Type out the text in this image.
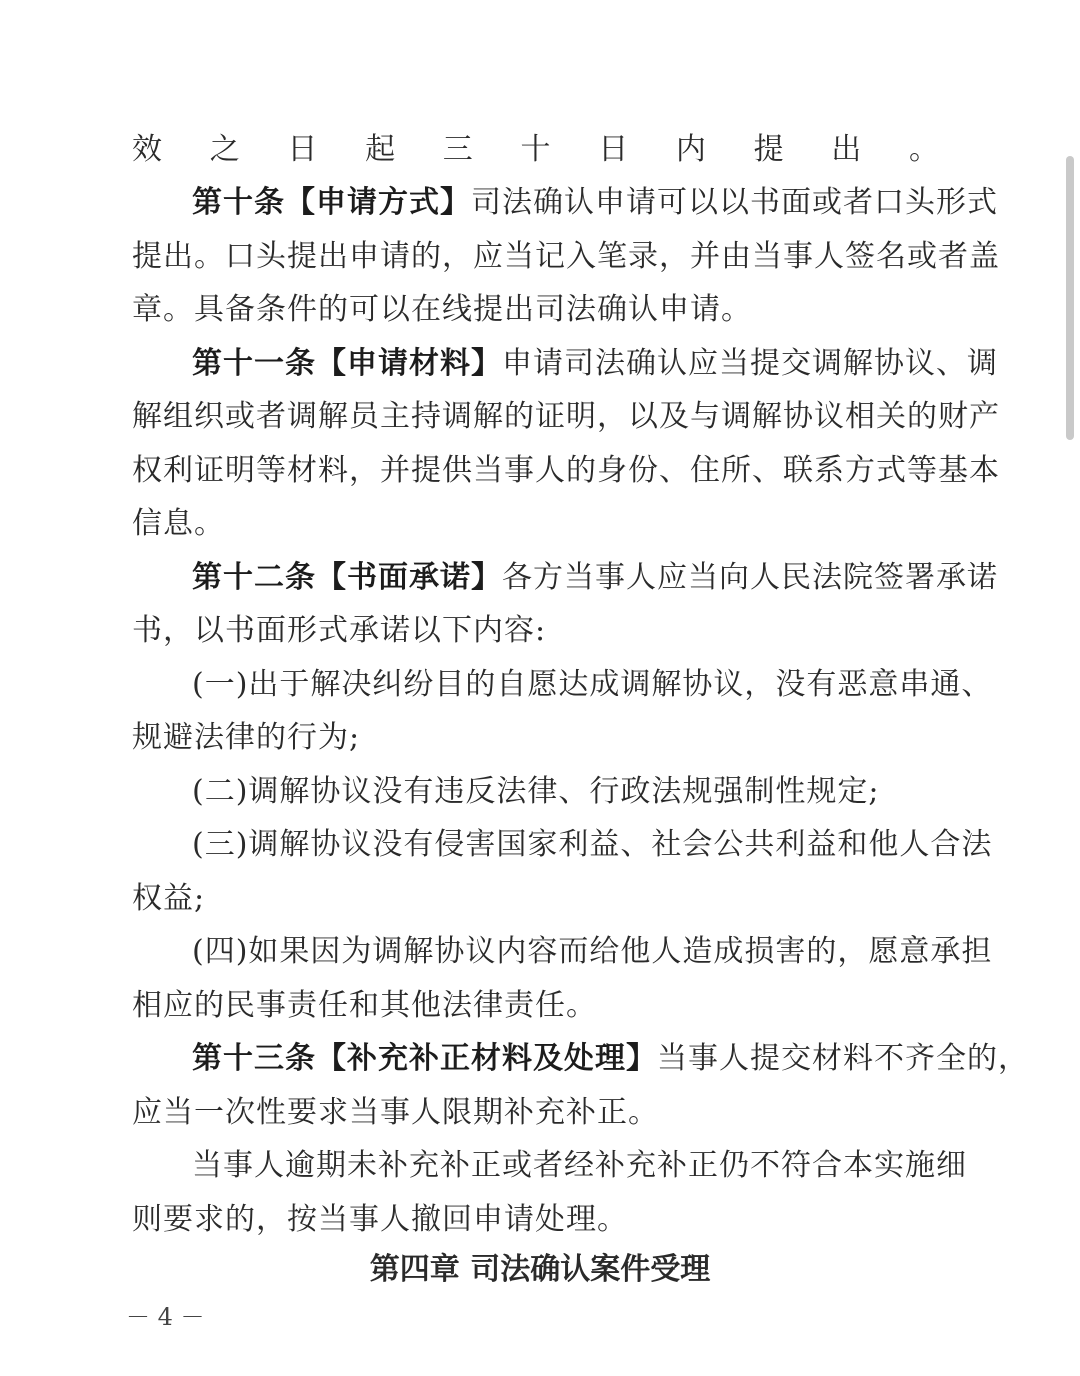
效之日起三十日内提出。
第十条【申请方式】司法确认申请可以以书面或者口头形式
提出。口头提出申请的，应当记入笔录，并由当事人签名或者盖
章。具备条件的可以在线提出司法确认申请。
第十一条【申请材料】申请司法确认应当提交调解协议、调
解组织或者调解员主持调解的证明，以及与调解协议相关的财产
权利证明等材料，并提供当事人的身份、住所、联系方式等基本
信息。
第十二条【书面承诺】各方当事人应当向人民法院签署承诺
书，以书面形式承诺以下内容:
(一)出于解决纠纷目的自愿达成调解协议，没有恶意串通、
规避法律的行为;
(二)调解协议没有违反法律、行政法规强制性规定;
(三)调解协议没有侵害国家利益、社会公共利益和他人合法
权益;
(四)如果因为调解协议内容而给他人造成损害的，愿意承担
相应的民事责任和其他法律责任。
第十三条【补充补正材料及处理】当事人提交材料不齐全的，
应当一次性要求当事人限期补充补正。
当事人逾期未补充补正或者经补充补正仍不符合本实施细
则要求的，按当事人撤回申请处理。
第四章 司法确认案件受理
－ 4 －
